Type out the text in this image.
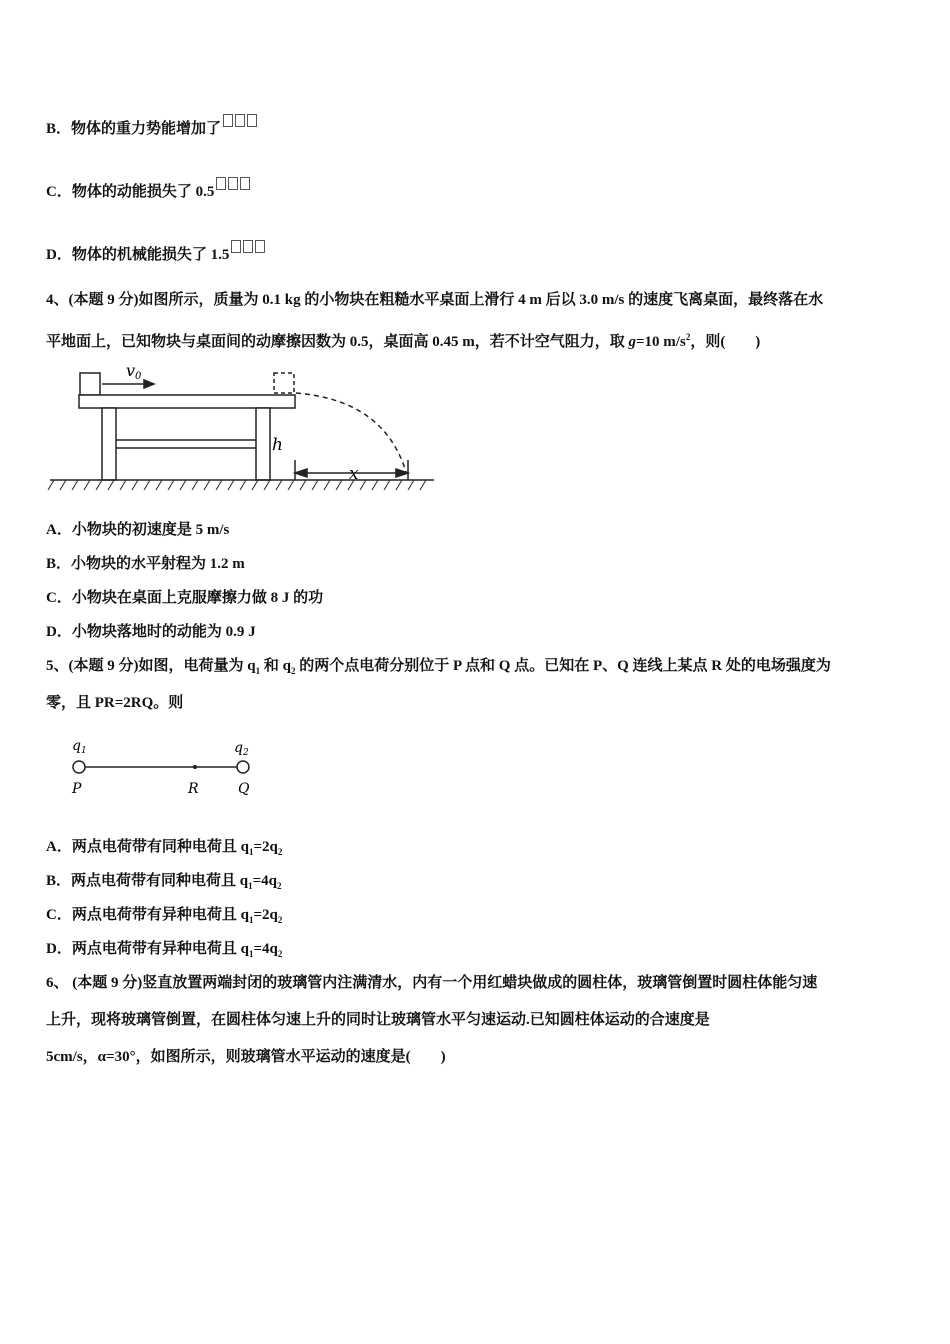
B．物体的重力势能增加了
C．物体的动能损失了 0.5
D．物体的机械能损失了 1.5
4、(本题 9 分)如图所示，质量为 0.1 kg 的小物块在粗糙水平桌面上滑行 4 m 后以 3.0 m/s 的速度飞离桌面，最终落在水
平地面上，已知物块与桌面间的动摩擦因数为 0.5，桌面高 0.45 m，若不计空气阻力，取 g=10 $m/s^2$，则(　　)
v0
h
x
A．小物块的初速度是 5 m/s
B．小物块的水平射程为 1.2 m
C．小物块在桌面上克服摩擦力做 8 J 的功
D．小物块落地时的动能为 0.9 J
5、(本题 9 分)如图，电荷量为 $q_1$ 和 $q_2$ 的两个点电荷分别位于 P 点和 Q 点。已知在 P、Q 连线上某点 R 处的电场强度为
零，且 PR=2RQ。则
$q_1$	$q_2$
P	R	Q
A．两点电荷带有同种电荷且 $q_1=2q_2$
B．两点电荷带有同种电荷且 $q_1=4q_2$
C．两点电荷带有异种电荷且 $q_1=2q_2$
D．两点电荷带有异种电荷且 $q_1=4q_2$
6、 (本题 9 分)竖直放置两端封闭的玻璃管内注满清水，内有一个用红蜡块做成的圆柱体，玻璃管倒置时圆柱体能匀速
上升，现将玻璃管倒置，在圆柱体匀速上升的同时让玻璃管水平匀速运动.已知圆柱体运动的合速度是
5cm/s，α=30°，如图所示，则玻璃管水平运动的速度是(　　)
